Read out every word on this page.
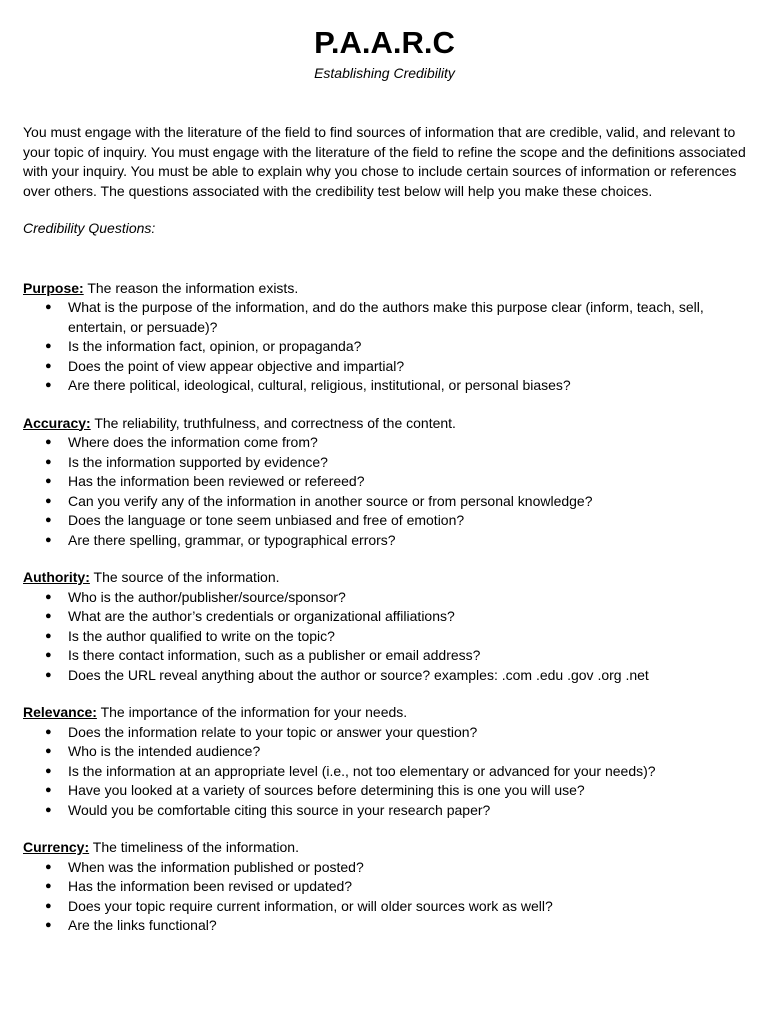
P.A.A.R.C

Establishing Credibility

You must engage with the literature of the field to find sources of information that are credible, valid, and relevant to your topic of inquiry. You must engage with the literature of the field to refine the scope and the definitions associated with your inquiry. You must be able to explain why you chose to include certain sources of information or references over others. The questions associated with the credibility test below will help you make these choices.

Credibility Questions:

Purpose: The reason the information exists.

● What is the purpose of the information, and do the authors make this purpose clear (inform, teach, sell, entertain, or persuade)?
● Is the information fact, opinion, or propaganda?
● Does the point of view appear objective and impartial?
● Are there political, ideological, cultural, religious, institutional, or personal biases?

Accuracy: The reliability, truthfulness, and correctness of the content.

● Where does the information come from?
● Is the information supported by evidence?
● Has the information been reviewed or refereed?
● Can you verify any of the information in another source or from personal knowledge?
● Does the language or tone seem unbiased and free of emotion?
● Are there spelling, grammar, or typographical errors?

Authority: The source of the information.

● Who is the author/publisher/source/sponsor?
● What are the author’s credentials or organizational affiliations?
● Is the author qualified to write on the topic?
● Is there contact information, such as a publisher or email address?
● Does the URL reveal anything about the author or source? examples: .com .edu .gov .org .net

Relevance: The importance of the information for your needs.

● Does the information relate to your topic or answer your question?
● Who is the intended audience?
● Is the information at an appropriate level (i.e., not too elementary or advanced for your needs)?
● Have you looked at a variety of sources before determining this is one you will use?
● Would you be comfortable citing this source in your research paper?

Currency: The timeliness of the information.

● When was the information published or posted?
● Has the information been revised or updated?
● Does your topic require current information, or will older sources work as well?
● Are the links functional?
